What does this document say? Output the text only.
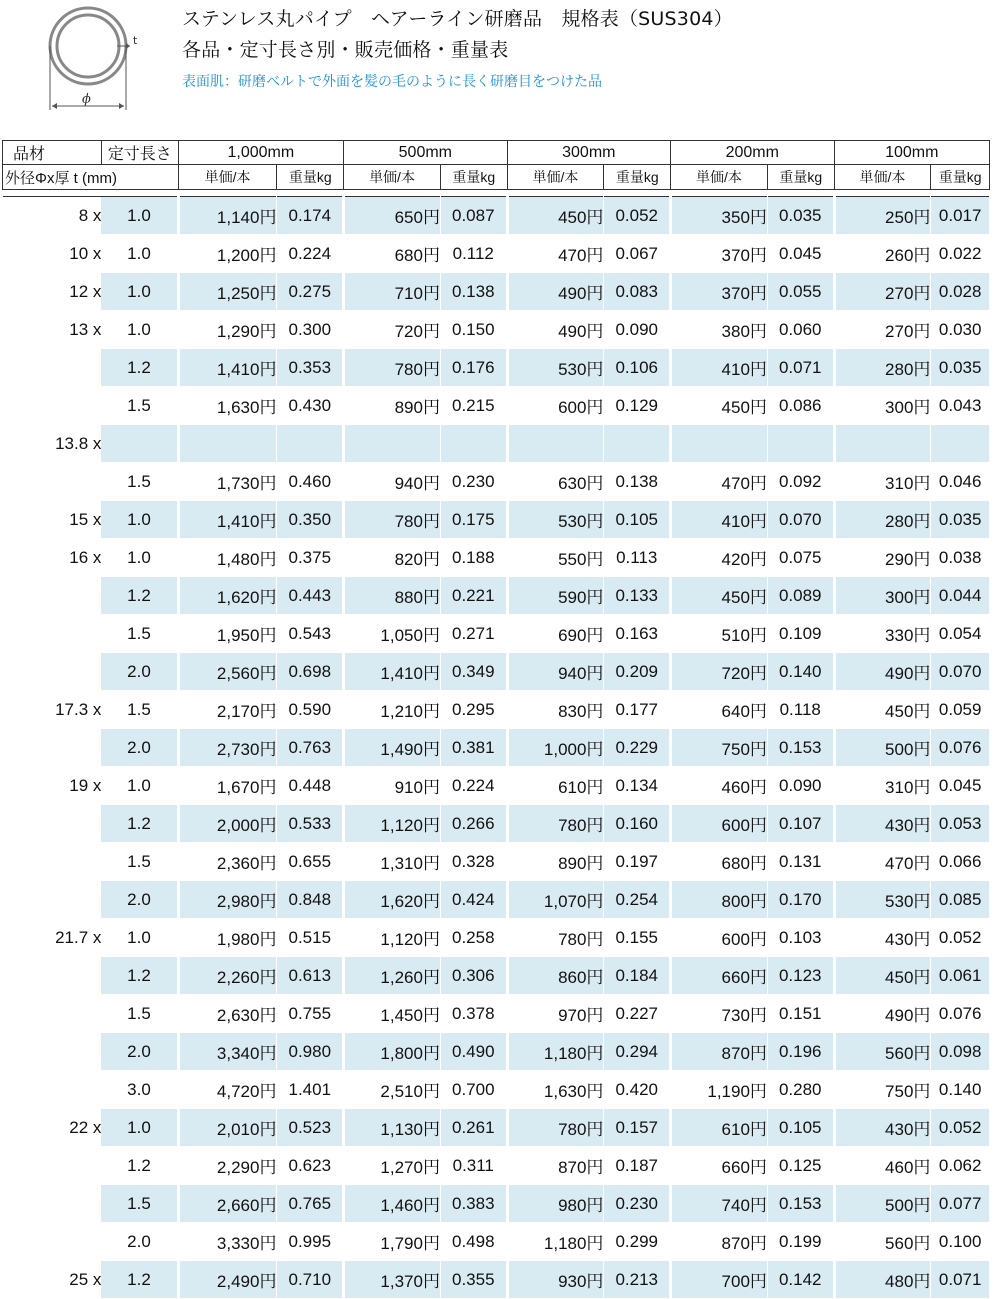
t
ϕ
ステンレス丸パイプ　ヘアーライン研磨品　規格表（SUS304）
各品・定寸長さ別・販売価格・重量表
表面肌：研磨ベルトで外面を髪の毛のように長く研磨目をつけた品
品材	定寸長さ	1,000mm		500mm		300mm		200mm		100mm	
外径Φx厚 t (mm)		単価/本	重量kg	単価/本	重量kg	単価/本	重量kg	単価/本	重量kg	単価/本	重量kg

8 x	1.0	1,140円	0.174	650円	0.087	450円	0.052	350円	0.035	250円	0.017
10 x	1.0	1,200円	0.224	680円	0.112	470円	0.067	370円	0.045	260円	0.022
12 x	1.0	1,250円	0.275	710円	0.138	490円	0.083	370円	0.055	270円	0.028
13 x	1.0	1,290円	0.300	720円	0.150	490円	0.090	380円	0.060	270円	0.030
	1.2	1,410円	0.353	780円	0.176	530円	0.106	410円	0.071	280円	0.035
	1.5	1,630円	0.430	890円	0.215	600円	0.129	450円	0.086	300円	0.043
13.8 x											
	1.5	1,730円	0.460	940円	0.230	630円	0.138	470円	0.092	310円	0.046
15 x	1.0	1,410円	0.350	780円	0.175	530円	0.105	410円	0.070	280円	0.035
16 x	1.0	1,480円	0.375	820円	0.188	550円	0.113	420円	0.075	290円	0.038
	1.2	1,620円	0.443	880円	0.221	590円	0.133	450円	0.089	300円	0.044
	1.5	1,950円	0.543	1,050円	0.271	690円	0.163	510円	0.109	330円	0.054
	2.0	2,560円	0.698	1,410円	0.349	940円	0.209	720円	0.140	490円	0.070
17.3 x	1.5	2,170円	0.590	1,210円	0.295	830円	0.177	640円	0.118	450円	0.059
	2.0	2,730円	0.763	1,490円	0.381	1,000円	0.229	750円	0.153	500円	0.076
19 x	1.0	1,670円	0.448	910円	0.224	610円	0.134	460円	0.090	310円	0.045
	1.2	2,000円	0.533	1,120円	0.266	780円	0.160	600円	0.107	430円	0.053
	1.5	2,360円	0.655	1,310円	0.328	890円	0.197	680円	0.131	470円	0.066
	2.0	2,980円	0.848	1,620円	0.424	1,070円	0.254	800円	0.170	530円	0.085
21.7 x	1.0	1,980円	0.515	1,120円	0.258	780円	0.155	600円	0.103	430円	0.052
	1.2	2,260円	0.613	1,260円	0.306	860円	0.184	660円	0.123	450円	0.061
	1.5	2,630円	0.755	1,450円	0.378	970円	0.227	730円	0.151	490円	0.076
	2.0	3,340円	0.980	1,800円	0.490	1,180円	0.294	870円	0.196	560円	0.098
	3.0	4,720円	1.401	2,510円	0.700	1,630円	0.420	1,190円	0.280	750円	0.140
22 x	1.0	2,010円	0.523	1,130円	0.261	780円	0.157	610円	0.105	430円	0.052
	1.2	2,290円	0.623	1,270円	0.311	870円	0.187	660円	0.125	460円	0.062
	1.5	2,660円	0.765	1,460円	0.383	980円	0.230	740円	0.153	500円	0.077
	2.0	3,330円	0.995	1,790円	0.498	1,180円	0.299	870円	0.199	560円	0.100
25 x	1.2	2,490円	0.710	1,370円	0.355	930円	0.213	700円	0.142	480円	0.071
